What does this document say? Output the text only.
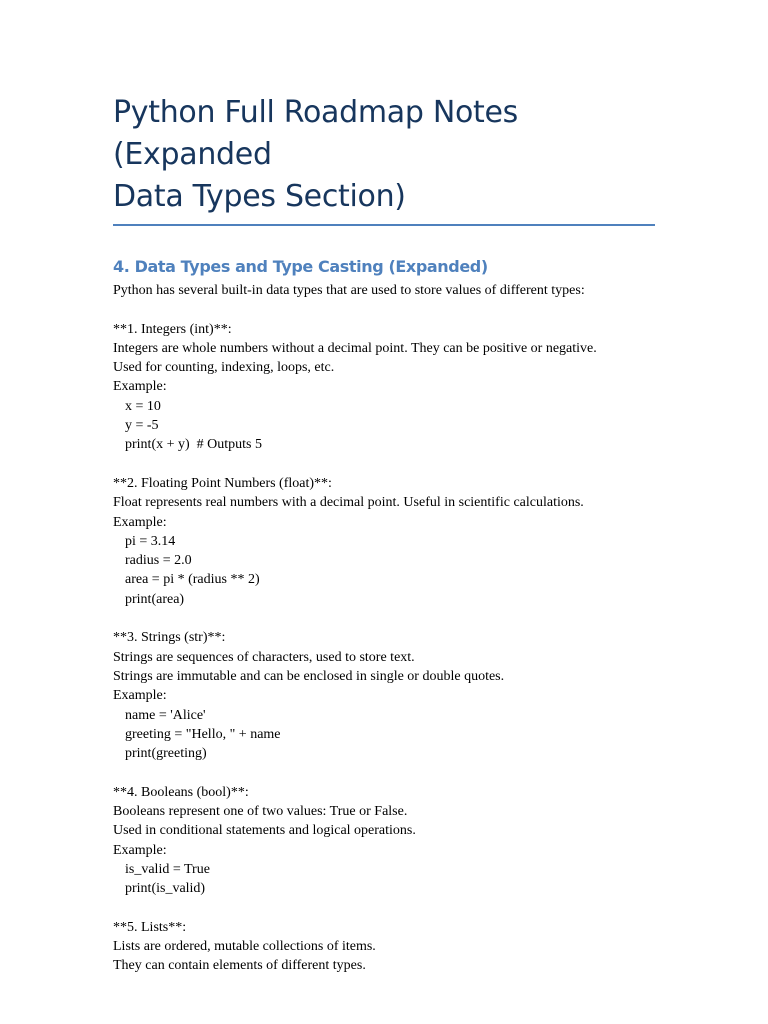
Python Full Roadmap Notes (Expanded
Data Types Section)
4. Data Types and Type Casting (Expanded)
Python has several built-in data types that are used to store values of different types:
**1. Integers (int)**:
Integers are whole numbers without a decimal point. They can be positive or negative.
Used for counting, indexing, loops, etc.
Example:
x = 10
y = -5
print(x + y)  # Outputs 5
**2. Floating Point Numbers (float)**:
Float represents real numbers with a decimal point. Useful in scientific calculations.
Example:
pi = 3.14
radius = 2.0
area = pi * (radius ** 2)
print(area)
**3. Strings (str)**:
Strings are sequences of characters, used to store text.
Strings are immutable and can be enclosed in single or double quotes.
Example:
name = 'Alice'
greeting = "Hello, " + name
print(greeting)
**4. Booleans (bool)**:
Booleans represent one of two values: True or False.
Used in conditional statements and logical operations.
Example:
is_valid = True
print(is_valid)
**5. Lists**:
Lists are ordered, mutable collections of items.
They can contain elements of different types.
